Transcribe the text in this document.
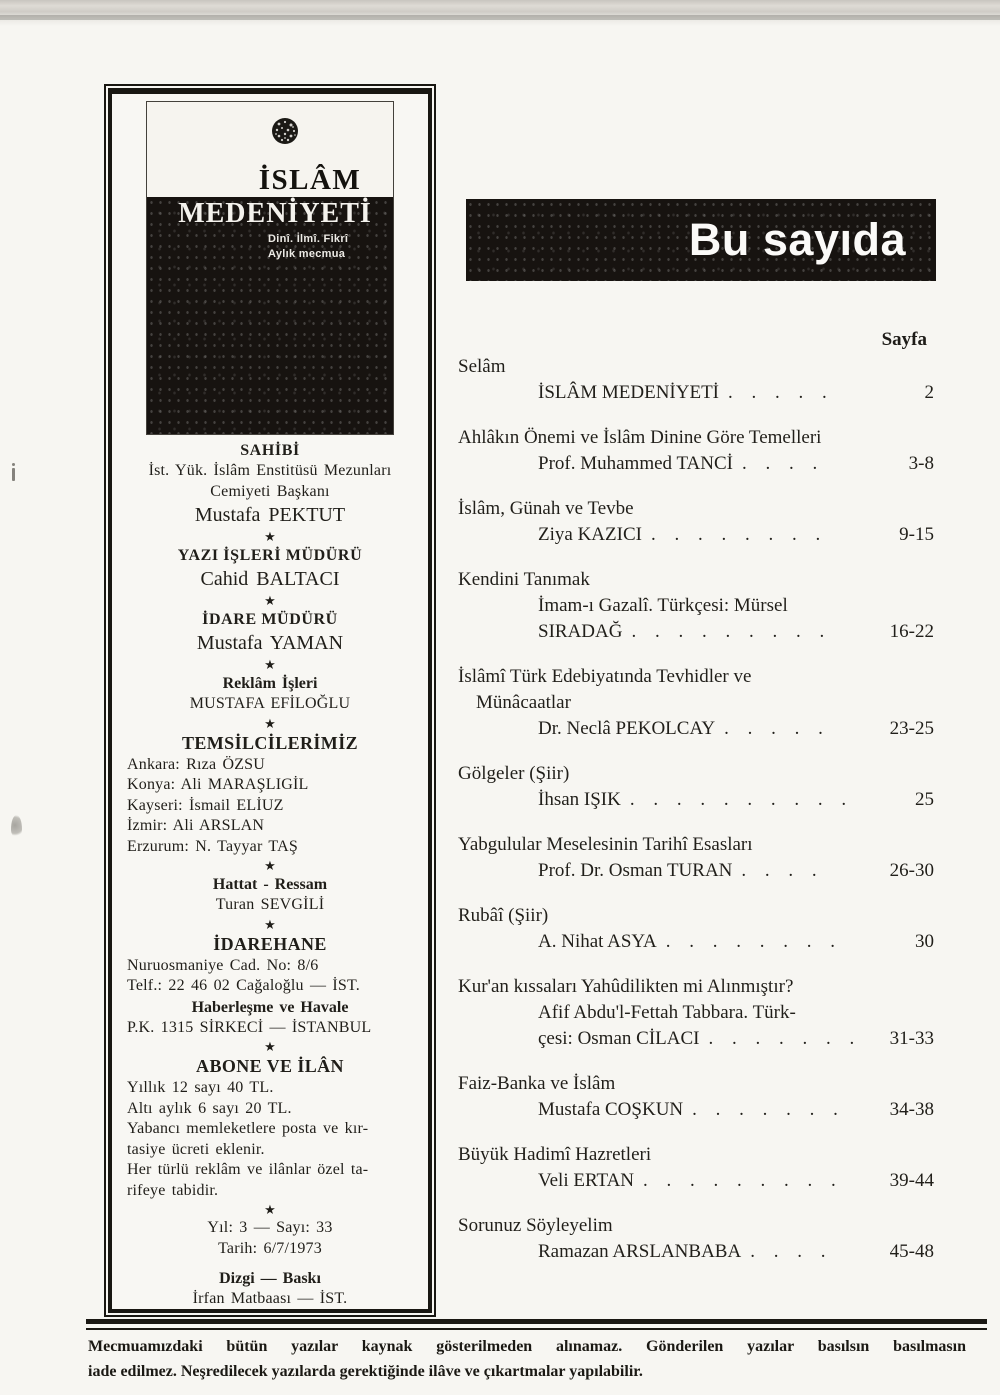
İSLÂM
MEDENİYETİ
Dinî. İlmî. Fikrî
Aylık mecmua
SAHİBİ
İst. Yük. İslâm Enstitüsü Mezunları
Cemiyeti Başkanı
Mustafa PEKTUT
★
YAZI İŞLERİ MÜDÜRÜ
Cahid BALTACI
★
İDARE MÜDÜRÜ
Mustafa YAMAN
★
Reklâm İşleri
MUSTAFA EFİLOĞLU
★
TEMSİLCİLERİMİZ
Ankara: Rıza ÖZSU
Konya: Ali MARAŞLIGİL
Kayseri: İsmail ELİUZ
İzmir: Ali ARSLAN
Erzurum: N. Tayyar TAŞ
★
Hattat - Ressam
Turan SEVGİLİ
★
İDAREHANE
Nuruosmaniye Cad. No: 8/6
Telf.: 22 46 02 Cağaloğlu — İST.
Haberleşme ve Havale
P.K. 1315 SİRKECİ — İSTANBUL
★
ABONE VE İLÂN
Yıllık 12 sayı 40 TL.
Altı aylık 6 sayı 20 TL.
Yabancı memleketlere posta ve kır-
tasiye ücreti eklenir.
Her türlü reklâm ve ilânlar özel ta-
rifeye tabidir.
★
Yıl: 3 — Sayı: 33
Tarih: 6/7/1973
Dizgi — Baskı
İrfan Matbaası — İST.
Bu sayıda
Sayfa
Selâm
İSLÂM MEDENİYETİ . . . . .	2
Ahlâkın Önemi ve İslâm Dinine Göre Temelleri
Prof. Muhammed TANCİ . . . .	3-8
İslâm, Günah ve Tevbe
Ziya KAZICI . . . . . . . .	9-15
Kendini Tanımak
İmam-ı Gazalî. Türkçesi: Mürsel
SIRADAĞ . . . . . . . . .	16-22
İslâmî Türk Edebiyatında Tevhidler ve
Münâcaatlar
Dr. Neclâ PEKOLCAY . . . . .	23-25
Gölgeler (Şiir)
İhsan IŞIK . . . . . . . . . .	25
Yabgulular Meselesinin Tarihî Esasları
Prof. Dr. Osman TURAN . . . .	26-30
Rubâî (Şiir)
A. Nihat ASYA . . . . . . . .	30
Kur'an kıssaları Yahûdilikten mi Alınmıştır?
Afif Abdu'l-Fettah Tabbara. Türk-
çesi: Osman CİLACI . . . . . . . 31-33
Faiz-Banka ve İslâm
Mustafa COŞKUN . . . . . . .	34-38
Büyük Hadimî Hazretleri
Veli ERTAN . . . . . . . . .	39-44
Sorunuz Söyleyelim
Ramazan ARSLANBABA . . . .	45-48
Mecmuamızdaki bütün yazılar kaynak gösterilmeden alınamaz. Gönderilen yazılar basılsın basılmasın
iade edilmez. Neşredilecek yazılarda gerektiğinde ilâve ve çıkartmalar yapılabilir.
